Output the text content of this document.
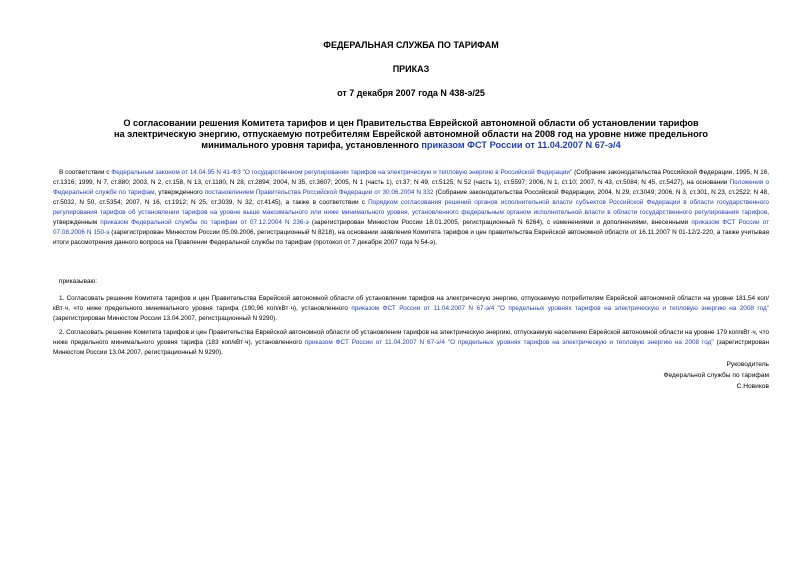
ФЕДЕРАЛЬНАЯ СЛУЖБА ПО ТАРИФАМ
ПРИКАЗ
от 7 декабря 2007 года N 438-э/25
О согласовании решения Комитета тарифов и цен Правительства Еврейской автономной области об установлении тарифов
на электрическую энергию, отпускаемую потребителям Еврейской автономной области на 2008 год на уровне ниже предельного
минимального уровня тарифа, установленного приказом ФСТ России от 11.04.2007 N 67-э/4
В соответствии с Федеральным законом от 14.04.95 N 41-ФЗ "О государственном регулировании тарифов на электрическую и тепловую энергию в Российской Федерации" (Собрание законодательства Российской Федерации, 1995, N 16, ст.1316; 1999, N 7, ст.880; 2003, N 2, ст.158, N 13, ст.1180, N 28, ст.2894; 2004, N 35, ст.3607; 2005, N 1 (часть 1), ст.37; N 49, ст.5125; N 52 (часть 1), ст.5597; 2006, N 1, ст.10; 2007, N 43, ст.5084; N 45, ст.5427), на основании Положения о Федеральной службе по тарифам, утвержденного постановлением Правительства Российской Федерации от 30.06.2004 N 332 (Собрание законодательства Российской Федерации, 2004, N 29, ст.3049; 2006, N 3, ст.301, N 23, ст.2522; N 48, ст.5032, N 50, ст.5354; 2007, N 16, ст.1912; N 25, ст.3039, N 32, ст.4145), а также в соответствии с Порядком согласования решений органов исполнительной власти субъектов Российской Федерации в области государственного регулирования тарифов об установлении тарифов на уровне выше максимального или ниже минимального уровня, установленного федеральным органом исполнительной власти в области государственного регулирования тарифов, утвержденным приказом Федеральной службы по тарифам от 07.12.2004 N 236-э (зарегистрирован Минюстом России 18.01.2005, регистрационный N 6264), с изменениями и дополнениями, внесенными приказом ФСТ России от 07.08.2006 N 150-э (зарегистрирован Минюстом России 05.09.2006, регистрационный N 8218), на основании заявления Комитета тарифов и цен правительства Еврейской автономной области от 16.11.2007 N 01-12/2-220, а также учитывая итоги рассмотрения данного вопроса на Правлении Федеральной службы по тарифам (протокол от 7 декабря 2007 года N 54-э),
приказываю:
1. Согласовать решение Комитета тарифов и цен Правительства Еврейской автономной области об установлении тарифов на электрическую энергию, отпускаемую потребителям Еврейской автономной области на уровне 181,54 коп/кВт·ч, что ниже предельного минимального уровня тарифа (190,96 коп/кВт·ч), установленного приказом ФСТ России от 11.04.2007 N 67-э/4 "О предельных уровнях тарифов на электрическую и тепловую энергию на 2008 год" (зарегистрирован Минюстом России 13.04.2007, регистрационный N 9290).
2. Согласовать решение Комитета тарифов и цен Правительства Еврейской автономной области об установлении тарифов на электрическую энергию, отпускаемую населению Еврейской автономной области на уровне 179 коп/кВт·ч, что ниже предельного минимального уровня тарифа (183 коп/кВт·ч), установленного приказом ФСТ России от 11.04.2007 N 67-э/4 "О предельных уровнях тарифов на электрическую и тепловую энергию на 2008 год" (зарегистрирован Минюстом России 13.04.2007, регистрационный N 9290).
Руководитель
Федеральной службы по тарифам
С.Новиков
